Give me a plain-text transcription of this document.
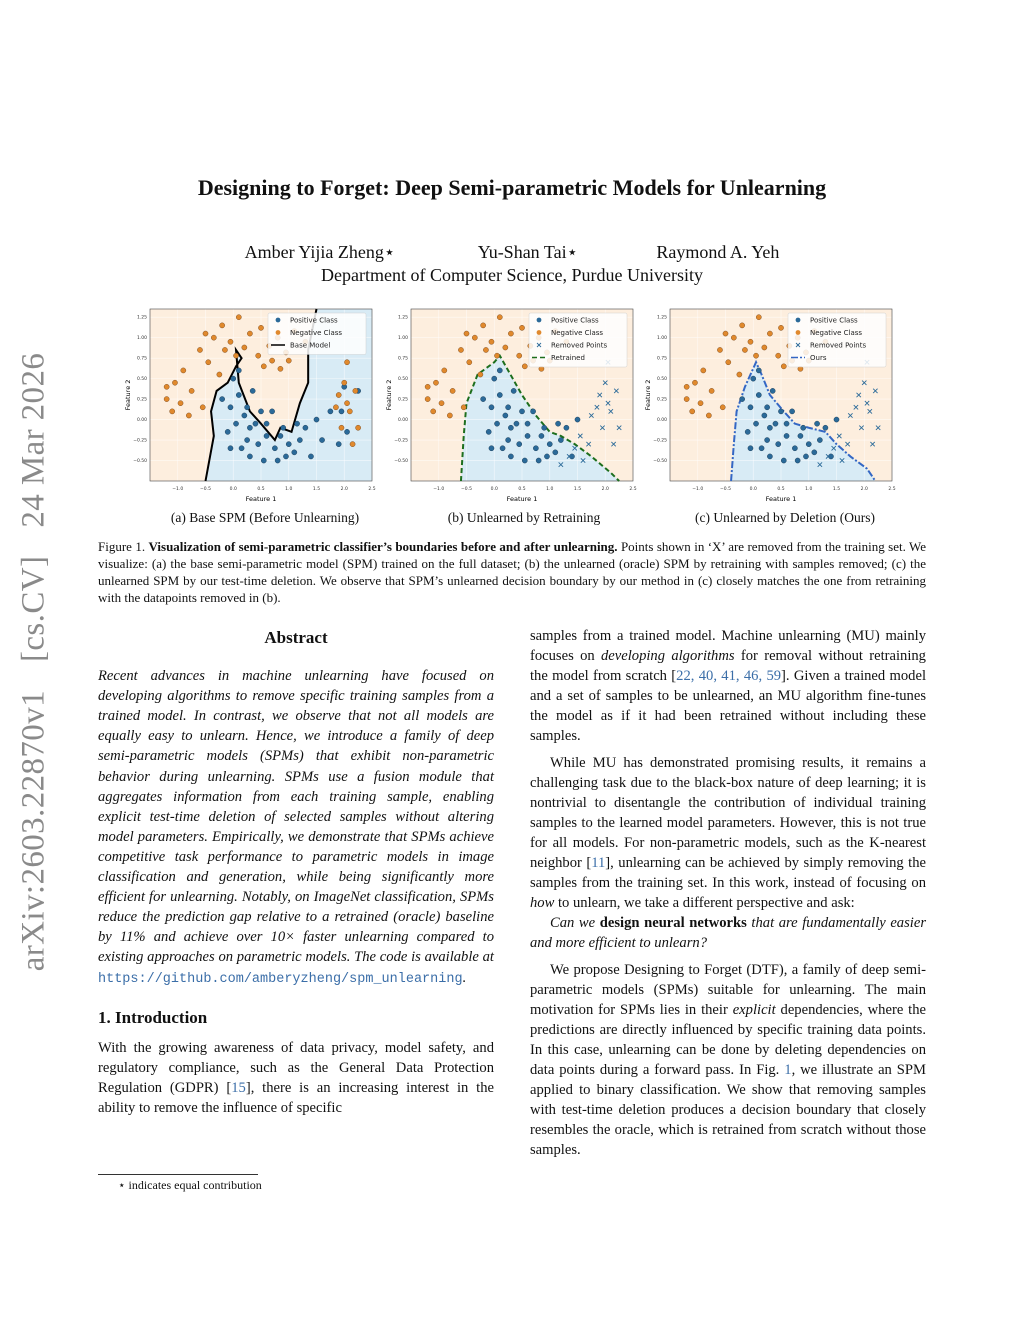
arXiv:2603.22870v1[cs.CV]24 Mar 2026
Designing to Forget: Deep Semi-parametric Models for Unlearning
Amber Yijia Zheng⋆	Yu-Shan Tai⋆	Raymond A. Yeh
Department of Computer Science, Purdue University
−1.0	−0.5	0.0	0.5	1.0	1.5	2.0	2.5
−0.50
−0.25
0.00
0.25
0.50
0.75
1.00
1.25
Feature 1
Feature 2
Positive Class
Negative Class
Base Model
−1.0	−0.5	0.0	0.5	1.0	1.5	2.0	2.5
−0.50
−0.25
0.00
0.25
0.50
0.75
1.00
1.25
Feature 1
Feature 2
Positive Class
Negative Class
Removed Points
Retrained
−1.0	−0.5	0.0	0.5	1.0	1.5	2.0	2.5
−0.50
−0.25
0.00
0.25
0.50
0.75
1.00
1.25
Feature 1
Feature 2
Positive Class
Negative Class
Removed Points
Ours
(a) Base SPM (Before Unlearning)	(b) Unlearned by Retraining	(c) Unlearned by Deletion (Ours)
Figure 1. Visualization of semi-parametric classifier’s boundaries before and after unlearning. Points shown in ‘X’ are removed from the training set. We visualize: (a) the base semi-parametric model (SPM) trained on the full dataset; (b) the unlearned (oracle) SPM by retraining with samples removed; (c) the unlearned SPM by our test-time deletion. We observe that SPM’s unlearned decision boundary by our method in (c) closely matches the one from retraining with the datapoints removed in (b).

Abstract

Recent advances in machine unlearning have focused on developing algorithms to remove specific training samples from a trained model. In contrast, we observe that not all models are equally easy to unlearn. Hence, we introduce a family of deep semi-parametric models (SPMs) that exhibit non-parametric behavior during unlearning. SPMs use a fusion module that aggregates information from each training sample, enabling explicit test-time deletion of selected samples without altering model parameters. Empirically, we demonstrate that SPMs achieve competitive task performance to parametric models in image classification and generation, while being significantly more efficient for unlearning. Notably, on ImageNet classification, SPMs reduce the prediction gap relative to a retrained (oracle) baseline by 11% and achieve over 10× faster unlearning compared to existing approaches on parametric models. The code is available at https://github.com/amberyzheng/spm_unlearning.

1. Introduction

With the growing awareness of data privacy, model safety, and regulatory compliance, such as the General Data Protection Regulation (GDPR) [15], there is an increasing interest in the ability to remove the influence of specific

samples from a trained model. Machine unlearning (MU) mainly focuses on developing algorithms for removal without retraining the model from scratch [22, 40, 41, 46, 59]. Given a trained model and a set of samples to be unlearned, an MU algorithm fine-tunes the model as if it had been retrained without including these samples.

While MU has demonstrated promising results, it remains a challenging task due to the black-box nature of deep learning; it is nontrivial to disentangle the contribution of individual training samples to the learned model parameters. However, this is not true for all models. For non-parametric models, such as the K-nearest neighbor [11], unlearning can be achieved by simply removing the samples from the training set. In this work, instead of focusing on how to unlearn, we take a different perspective and ask:

Can we design neural networks that are fundamentally easier and more efficient to unlearn?

We propose Designing to Forget (DTF), a family of deep semi-parametric models (SPMs) suitable for unlearning. The main motivation for SPMs lies in their explicit dependencies, where the predictions are directly influenced by specific training data points. In this case, unlearning can be done by deleting dependencies on data points during a forward pass. In Fig. 1, we illustrate an SPM applied to binary classification. We show that removing samples with test-time deletion produces a decision boundary that closely resembles the oracle, which is retrained from scratch without those samples.

⋆ indicates equal contribution
